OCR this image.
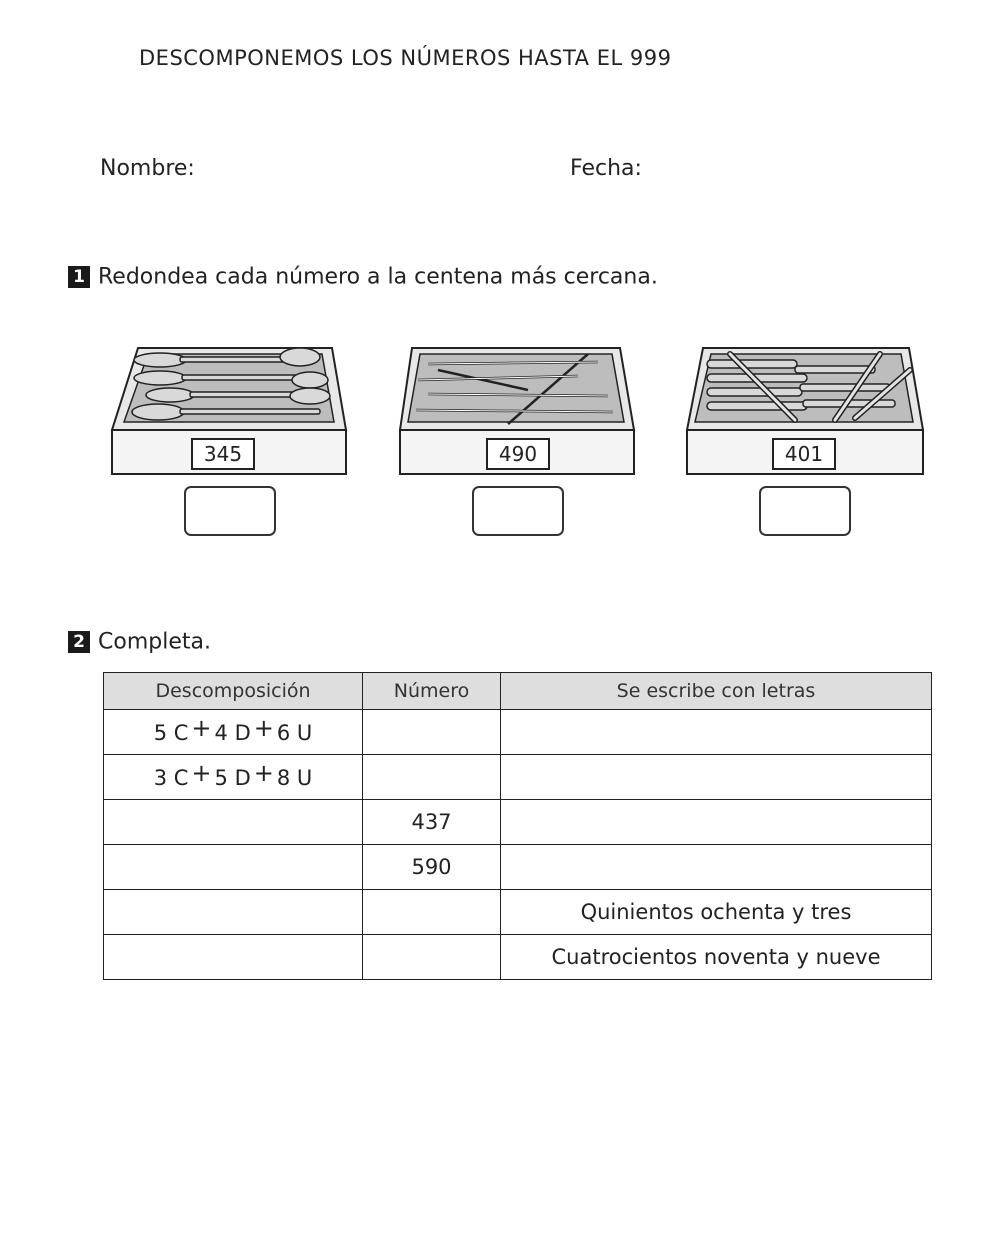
DESCOMPONEMOS LOS NÚMEROS HASTA EL 999
Nombre:	Fecha:
1 Redondea cada número a la centena más cercana.
345	490	401
2 Completa.
Descomposición	Número	Se escribe con letras
5 C + 4 D + 6 U		
3 C + 5 D + 8 U		
	437	
	590	
		Quinientos ochenta y tres
		Cuatrocientos noventa y nueve
